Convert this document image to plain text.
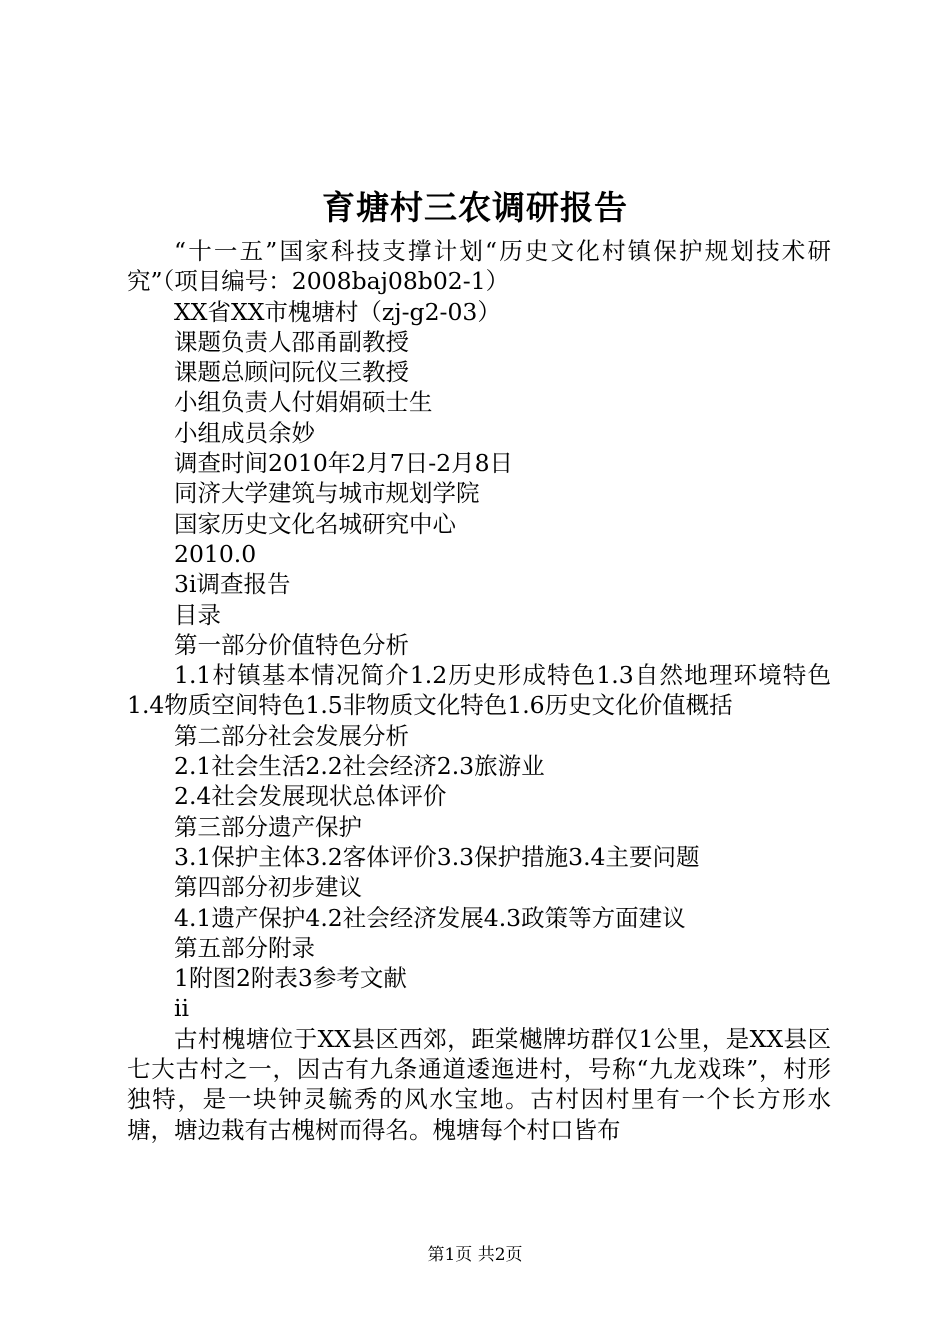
育塘村三农调研报告

“十一五”国家科技支撑计划“历史文化村镇保护规划技术研究”（项目编号：2008baj08b02-1）

XX省XX市槐塘村（zj-g2-03）

课题负责人邵甬副教授

课题总顾问阮仪三教授

小组负责人付娟娟硕士生

小组成员余妙

调查时间2010年2月7日-2月8日

同济大学建筑与城市规划学院

国家历史文化名城研究中心

2010.0

3i调查报告

目录

第一部分价值特色分析

1.1村镇基本情况简介1.2历史形成特色1.3自然地理环境特色1.4物质空间特色1.5非物质文化特色1.6历史文化价值概括

第二部分社会发展分析

2.1社会生活2.2社会经济2.3旅游业

2.4社会发展现状总体评价

第三部分遗产保护

3.1保护主体3.2客体评价3.3保护措施3.4主要问题

第四部分初步建议

4.1遗产保护4.2社会经济发展4.3政策等方面建议

第五部分附录

1附图2附表3参考文献

ii

古村槐塘位于XX县区西郊，距棠樾牌坊群仅1公里，是XX县区七大古村之一，因古有九条通道逶迤进村，号称“九龙戏珠”，村形独特，是一块钟灵毓秀的风水宝地。古村因村里有一个长方形水塘，塘边栽有古槐树而得名。槐塘每个村口皆布

第1页 共2页
